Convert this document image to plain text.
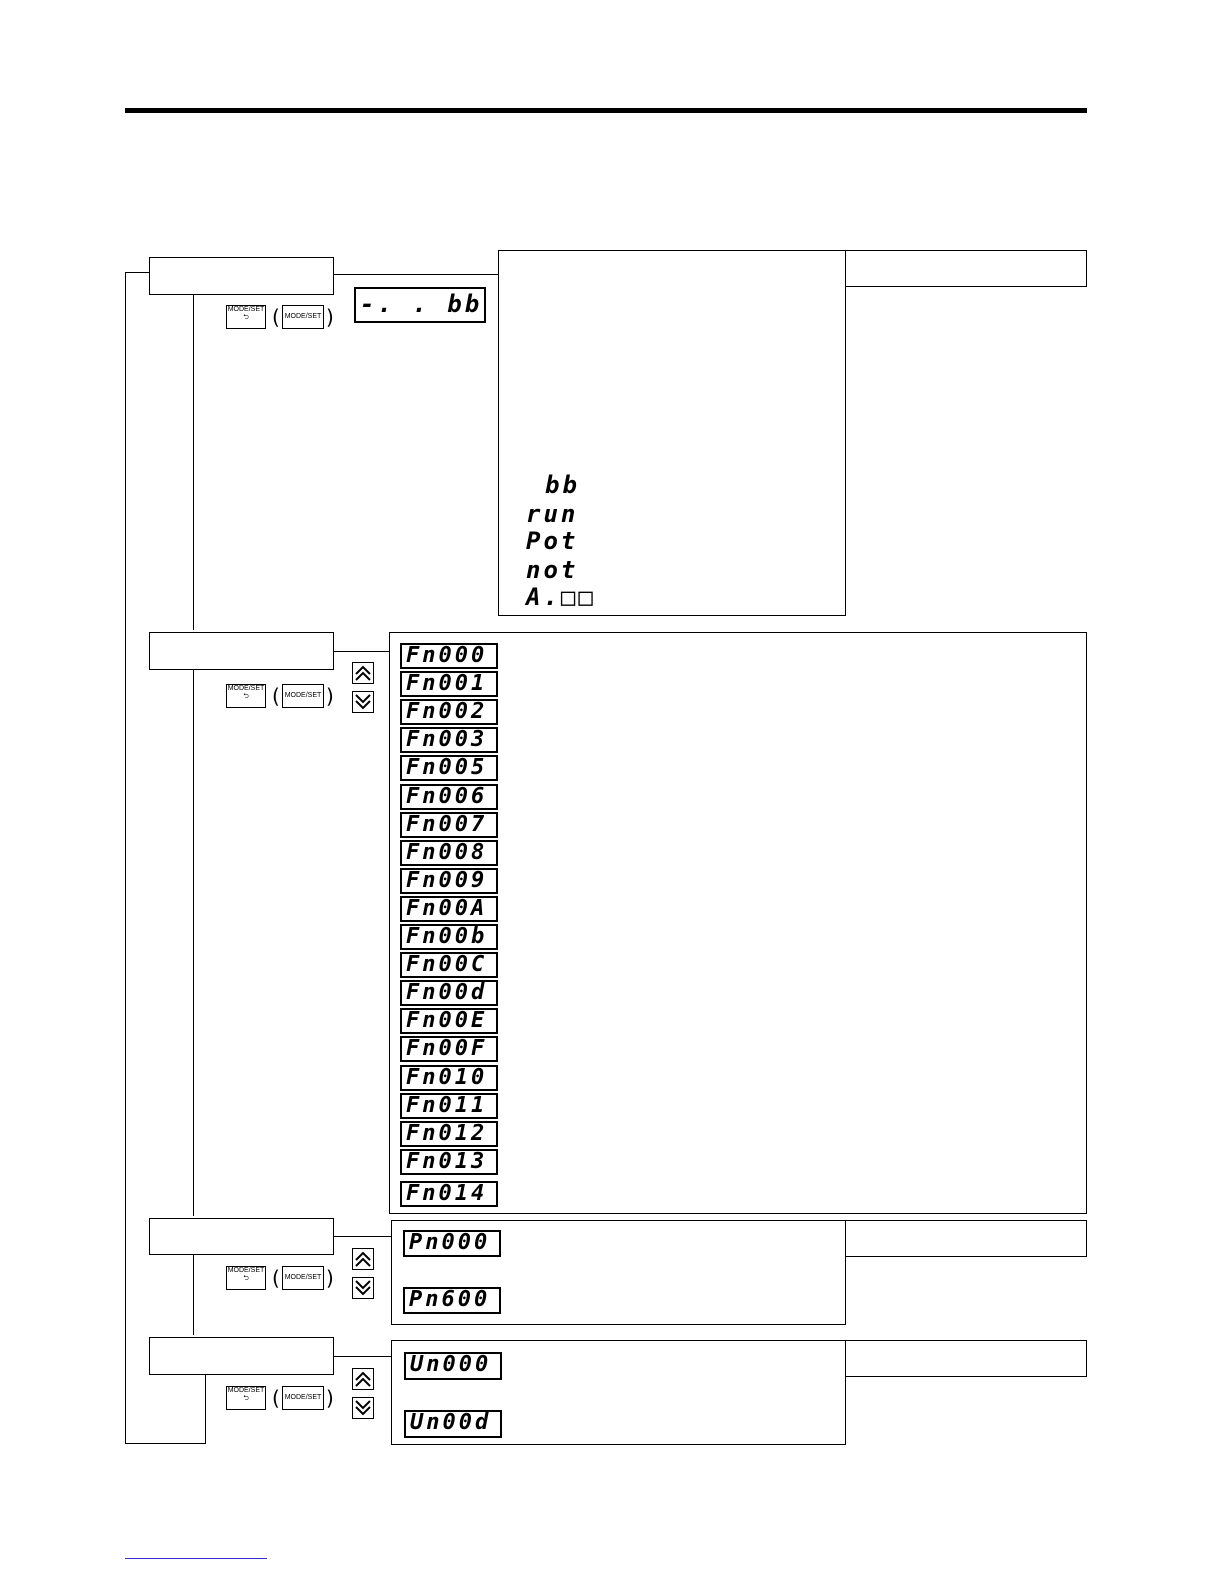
MODE/SET
⮌	( MODE/SET )
MODE/SET
⮌	( MODE/SET )
MODE/SET
⮌	( MODE/SET )
MODE/SET
⮌	( MODE/SET )
-. . bb
bb
run
Pot
not
A.□□
Fn000
Fn001
Fn002
Fn003
Fn005
Fn006
Fn007
Fn008
Fn009
Fn00A
Fn00b
Fn00C
Fn00d
Fn00E
Fn00F
Fn010
Fn011
Fn012
Fn013
Fn014
Pn000
Pn600
Un000
Un00d
